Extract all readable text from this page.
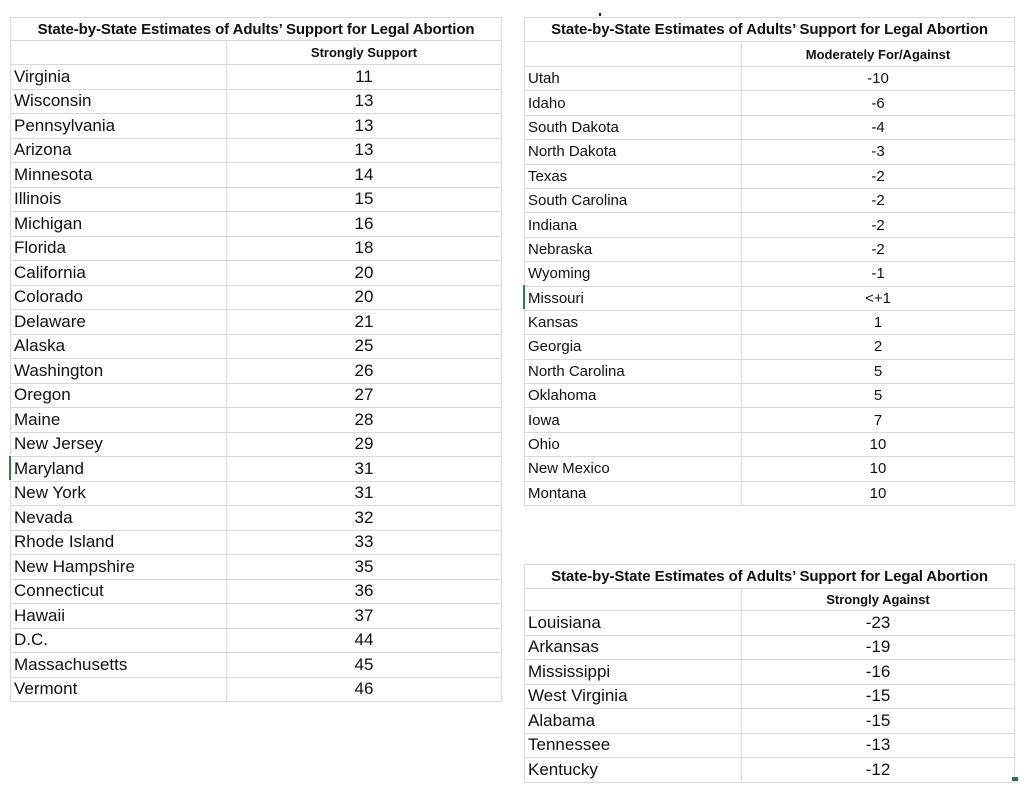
State-by-State Estimates of Adults’ Support for Legal Abortion	
	Strongly Support
Virginia	11
Wisconsin	13
Pennsylvania	13
Arizona	13
Minnesota	14
Illinois	15
Michigan	16
Florida	18
California	20
Colorado	20
Delaware	21
Alaska	25
Washington	26
Oregon	27
Maine	28
New Jersey	29
Maryland	31
New York	31
Nevada	32
Rhode Island	33
New Hampshire	35
Connecticut	36
Hawaii	37
D.C.	44
Massachusetts	45
Vermont	46
State-by-State Estimates of Adults’ Support for Legal Abortion	
	Moderately For/Against
Utah	-10
Idaho	-6
South Dakota	-4
North Dakota	-3
Texas	-2
South Carolina	-2
Indiana	-2
Nebraska	-2
Wyoming	-1
Missouri	<+1
Kansas	1
Georgia	2
North Carolina	5
Oklahoma	5
Iowa	7
Ohio	10
New Mexico	10
Montana	10
State-by-State Estimates of Adults’ Support for Legal Abortion	
	Strongly Against
Louisiana	-23
Arkansas	-19
Mississippi	-16
West Virginia	-15
Alabama	-15
Tennessee	-13
Kentucky	-12
